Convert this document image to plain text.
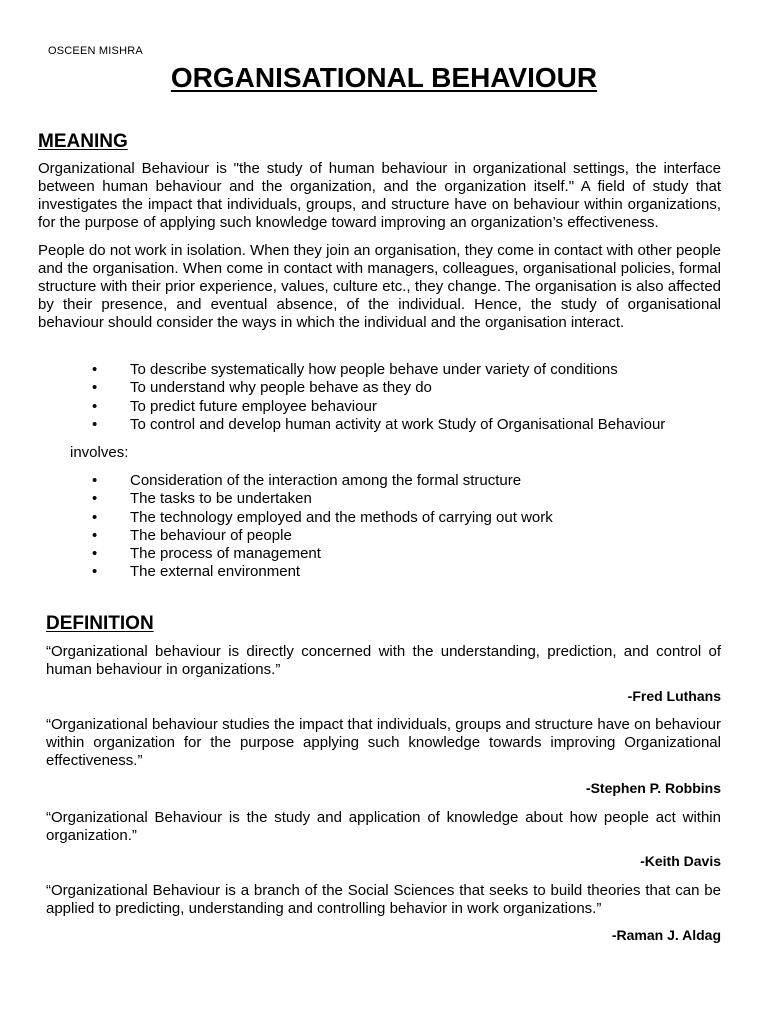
OSCEEN MISHRA
ORGANISATIONAL BEHAVIOUR
MEANING

Organizational Behaviour is "the study of human behaviour in organizational settings, the interface between human behaviour and the organization, and the organization itself." A field of study that investigates the impact that individuals, groups, and structure have on behaviour within organizations, for the purpose of applying such knowledge toward improving an organization’s effectiveness.

People do not work in isolation. When they join an organisation, they come in contact with other people and the organisation. When come in contact with managers, colleagues, organisational policies, formal structure with their prior experience, values, culture etc., they change. The organisation is also affected by their presence, and eventual absence, of the individual. Hence, the study of organisational behaviour should consider the ways in which the individual and the organisation interact.

• To describe systematically how people behave under variety of conditions
• To understand why people behave as they do
• To predict future employee behaviour
• To control and develop human activity at work Study of Organisational Behaviour
involves:
• Consideration of the interaction among the formal structure
• The tasks to be undertaken
• The technology employed and the methods of carrying out work
• The behaviour of people
• The process of management
• The external environment
DEFINITION

“Organizational behaviour is directly concerned with the understanding, prediction, and control of human behaviour in organizations.”

-Fred Luthans

“Organizational behaviour studies the impact that individuals, groups and structure have on behaviour within organization for the purpose applying such knowledge towards improving Organizational effectiveness.”

-Stephen P. Robbins

“Organizational Behaviour is the study and application of knowledge about how people act within organization.”

-Keith Davis

“Organizational Behaviour is a branch of the Social Sciences that seeks to build theories that can be applied to predicting, understanding and controlling behavior in work organizations.”

-Raman J. Aldag
